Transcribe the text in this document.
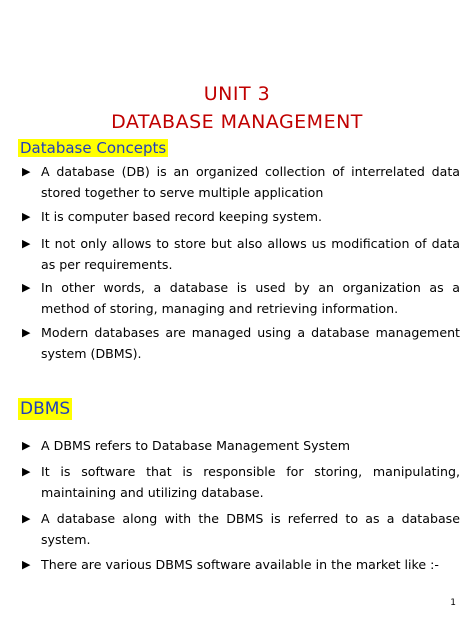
UNIT 3
DATABASE MANAGEMENT
Database Concepts
▶ A database (DB) is an organized collection of interrelated data stored together to serve multiple application
▶ It is computer based record keeping system.
▶ It not only allows to store but also allows us modification of data as per requirements.
▶ In other words, a database is used by an organization as a method of storing, managing and retrieving information.
▶ Modern databases are managed using a database management system (DBMS).
DBMS
▶ A DBMS refers to Database Management System
▶ It is software that is responsible for storing, manipulating, maintaining and utilizing database.
▶ A database along with the DBMS is referred to as a database system.
▶ There are various DBMS software available in the market like :-
1
